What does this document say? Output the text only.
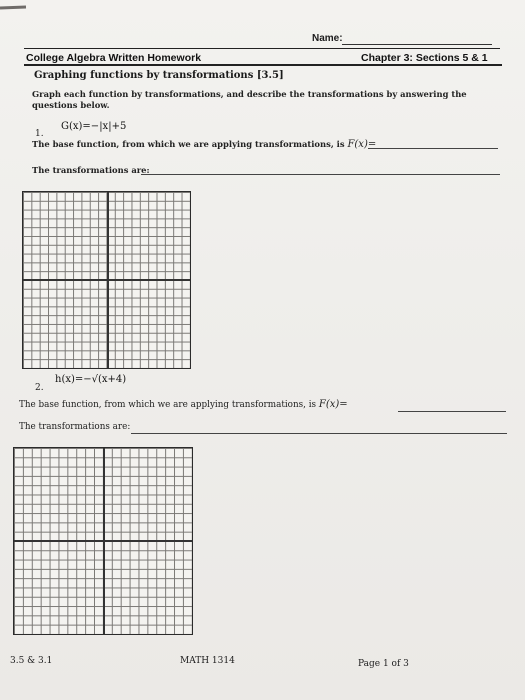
Name:
College Algebra Written Homework	Chapter 3: Sections 5 & 1
Graphing functions by transformations [3.5]
Graph each function by transformations, and describe the transformations by answering the questions below.
1.
G(x)=−|x|+5
The base function, from which we are applying transformations, is F(x)=
The transformations are:
2.
h(x)=−√(x+4)
The base function, from which we are applying transformations, is F(x)=
The transformations are:
3.5 & 3.1	MATH 1314	Page 1 of 3
